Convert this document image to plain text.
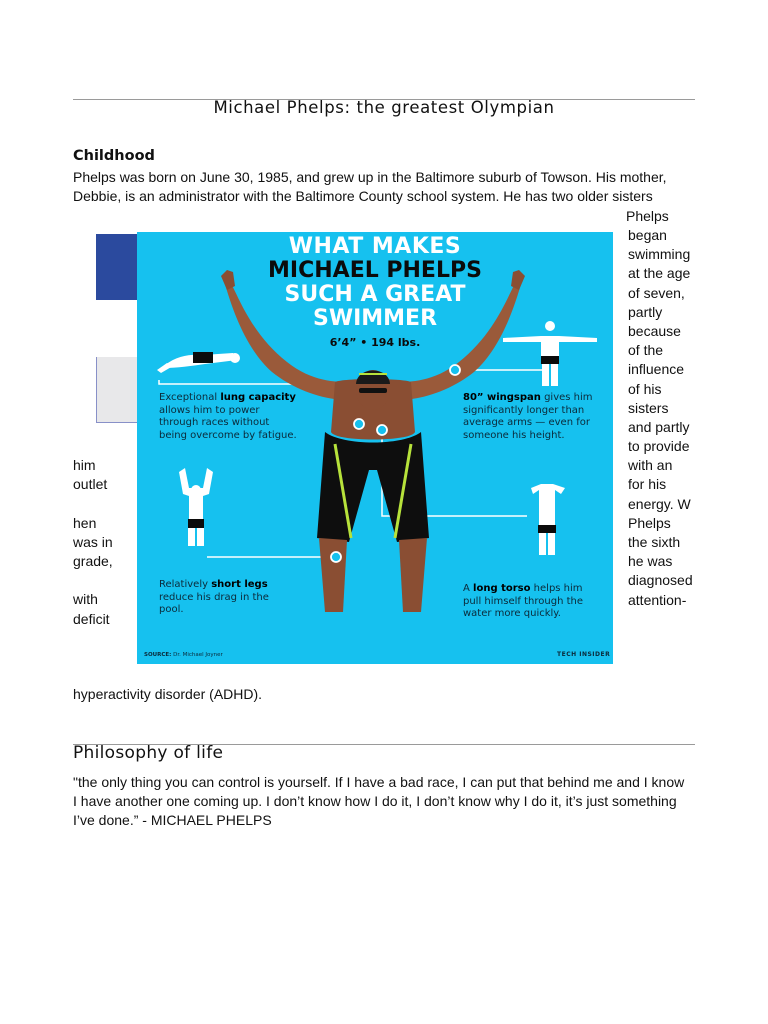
Michael Phelps: the greatest Olympian
Childhood
Phelps was born on June 30, 1985, and grew up in the Baltimore suburb of Towson. His mother,
Debbie, is an administrator with the Baltimore County school system. He has two older sisters
Phelps
began
swimming
at the age
of seven,
partly
because
of the
influence
of his
sisters
and partly
to provide
with an
for his
energy. W
Phelps
the sixth
he was
diagnosed
attention-
him
outlet
hen
was in
grade,
with
deficit
WHAT MAKES
MICHAEL PHELPS
SUCH A GREAT
SWIMMER
6’4” • 194 lbs.
Exceptional lung capacity allows him to power through races without being overcome by fatigue.
80” wingspan gives him significantly longer than average arms — even for someone his height.
Relatively short legs reduce his drag in the pool.
A long torso helps him pull himself through the water more quickly.
SOURCE: Dr. Michael Joyner	TECH INSIDER
hyperactivity disorder (ADHD).
Philosophy of life
"the only thing you can control is yourself. If I have a bad race, I can put that behind me and I know
I have another one coming up. I don’t know how I do it, I don’t know why I do it, it’s just something
I’ve done.” - MICHAEL PHELPS
